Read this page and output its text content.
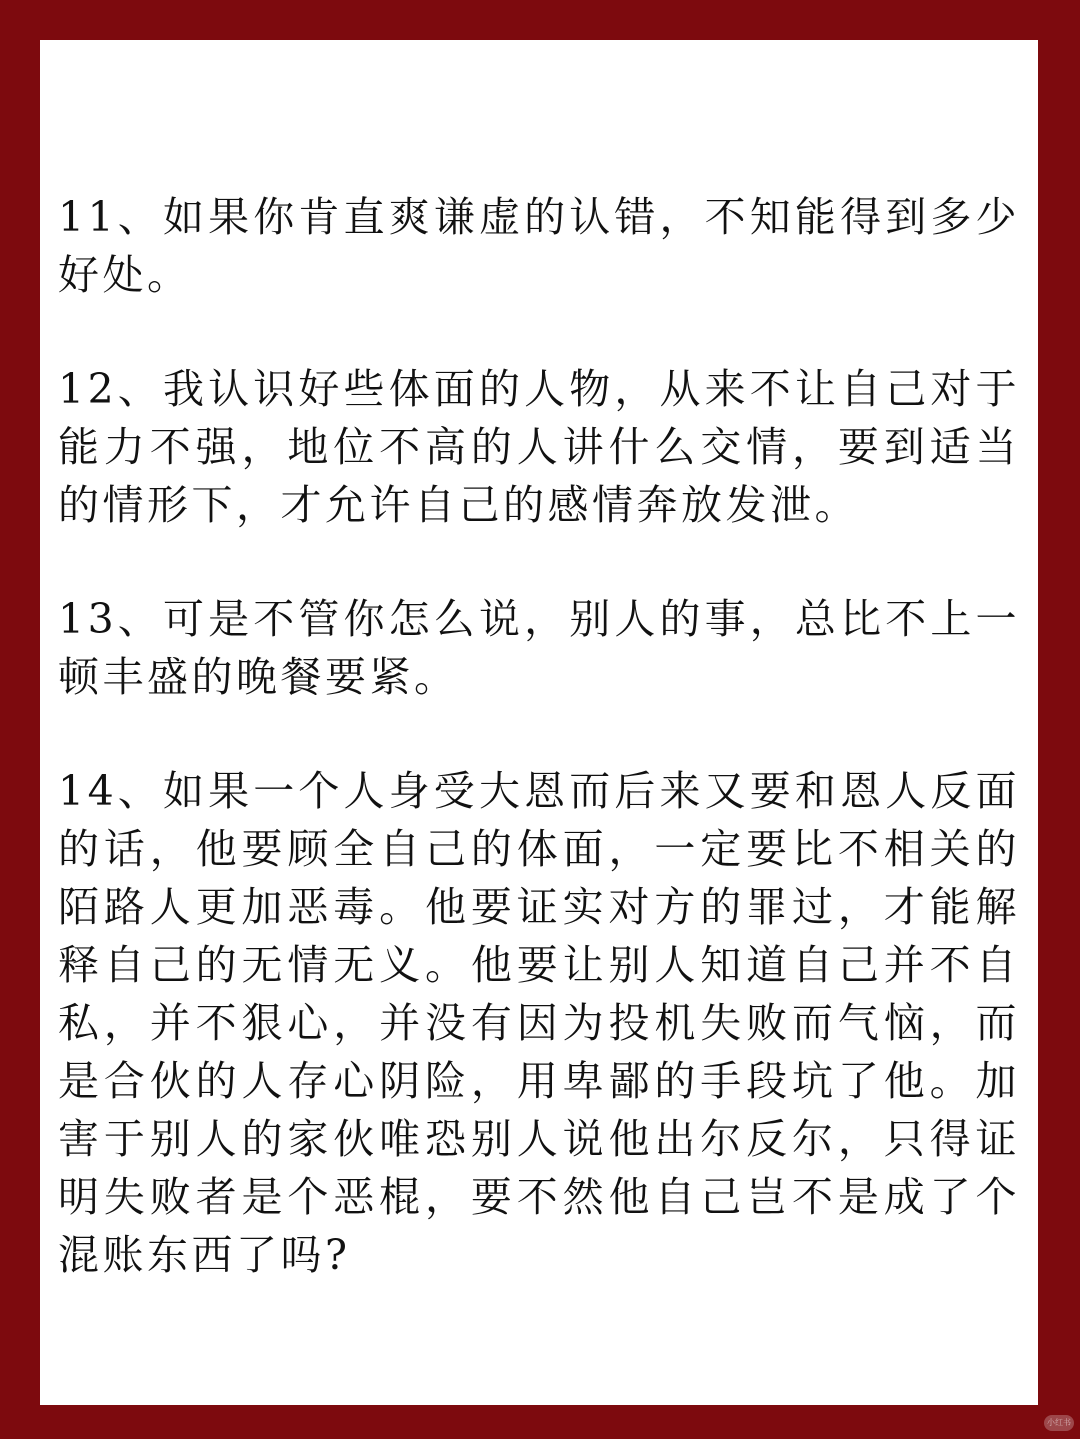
11、如果你肯直爽谦虚的认错，不知能得到多少好处。

12、我认识好些体面的人物，从来不让自己对于能力不强，地位不高的人讲什么交情，要到适当的情形下，才允许自己的感情奔放发泄。

13、可是不管你怎么说，别人的事，总比不上一顿丰盛的晚餐要紧。

14、如果一个人身受大恩而后来又要和恩人反面的话，他要顾全自己的体面，一定要比不相关的陌路人更加恶毒。他要证实对方的罪过，才能解释自己的无情无义。他要让别人知道自己并不自私，并不狠心，并没有因为投机失败而气恼，而是合伙的人存心阴险，用卑鄙的手段坑了他。加害于别人的家伙唯恐别人说他出尔反尔，只得证明失败者是个恶棍，要不然他自己岂不是成了个混账东西了吗?

小红书
